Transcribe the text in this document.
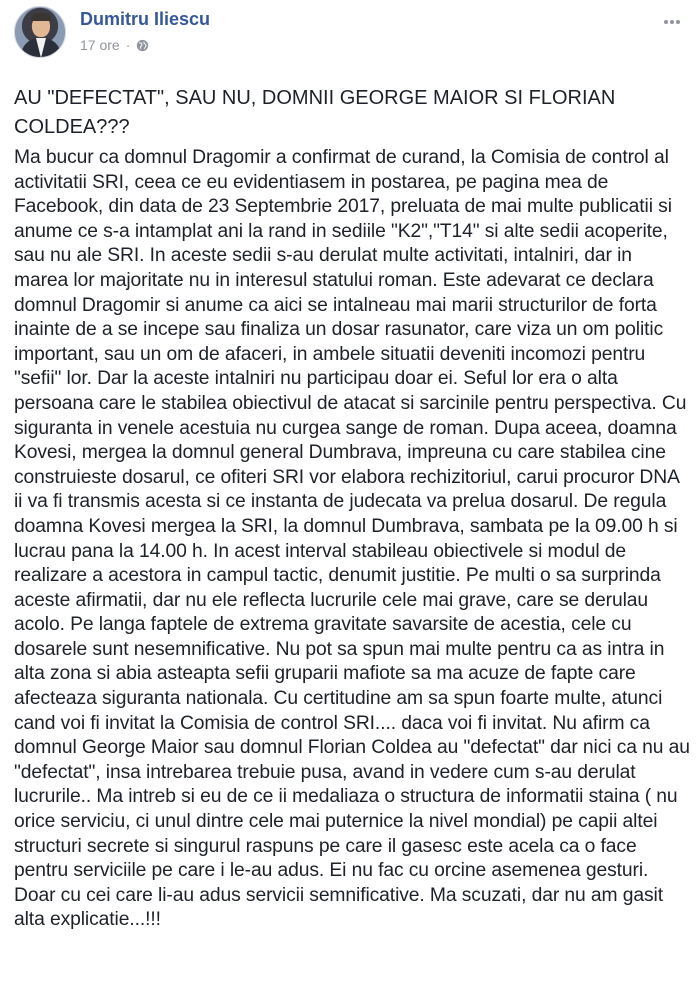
Dumitru Iliescu
17 ore ·
AU "DEFECTAT", SAU NU, DOMNII GEORGE MAIOR SI FLORIAN COLDEA???
Ma bucur ca domnul Dragomir a confirmat de curand, la Comisia de control al activitatii SRI, ceea ce eu evidentiasem in postarea, pe pagina mea de Facebook, din data de 23 Septembrie 2017, preluata de mai multe publicatii si anume ce s-a intamplat ani la rand in sediile "K2","T14" si alte sedii acoperite, sau nu ale SRI. In aceste sedii s-au derulat multe activitati, intalniri, dar in marea lor majoritate nu in interesul statului roman. Este adevarat ce declara domnul Dragomir si anume ca aici se intalneau mai marii structurilor de forta inainte de a se incepe sau finaliza un dosar rasunator, care viza un om politic important, sau un om de afaceri, in ambele situatii deveniti incomozi pentru "sefii" lor. Dar la aceste intalniri nu participau doar ei. Seful lor era o alta persoana care le stabilea obiectivul de atacat si sarcinile pentru perspectiva. Cu siguranta in venele acestuia nu curgea sange de roman. Dupa aceea, doamna Kovesi, mergea la domnul general Dumbrava, impreuna cu care stabilea cine construieste dosarul, ce ofiteri SRI vor elabora rechizitoriul, carui procuror DNA ii va fi transmis acesta si ce instanta de judecata va prelua dosarul. De regula doamna Kovesi mergea la SRI, la domnul Dumbrava, sambata pe la 09.00 h si lucrau pana la 14.00 h. In acest interval stabileau obiectivele si modul de realizare a acestora in campul tactic, denumit justitie. Pe multi o sa surprinda aceste afirmatii, dar nu ele reflecta lucrurile cele mai grave, care se derulau acolo. Pe langa faptele de extrema gravitate savarsite de acestia, cele cu dosarele sunt nesemnificative. Nu pot sa spun mai multe pentru ca as intra in alta zona si abia asteapta sefii gruparii mafiote sa ma acuze de fapte care afecteaza siguranta nationala. Cu certitudine am sa spun foarte multe, atunci cand voi fi invitat la Comisia de control SRI.... daca voi fi invitat. Nu afirm ca domnul George Maior sau domnul Florian Coldea au "defectat" dar nici ca nu au "defectat", insa intrebarea trebuie pusa, avand in vedere cum s-au derulat lucrurile.. Ma intreb si eu de ce ii medaliaza o structura de informatii staina ( nu orice serviciu, ci unul dintre cele mai puternice la nivel mondial) pe capii altei structuri secrete si singurul raspuns pe care il gasesc este acela ca o face pentru serviciile pe care i le-au adus. Ei nu fac cu orcine asemenea gesturi. Doar cu cei care li-au adus servicii semnificative. Ma scuzati, dar nu am gasit alta explicatie...!!!
